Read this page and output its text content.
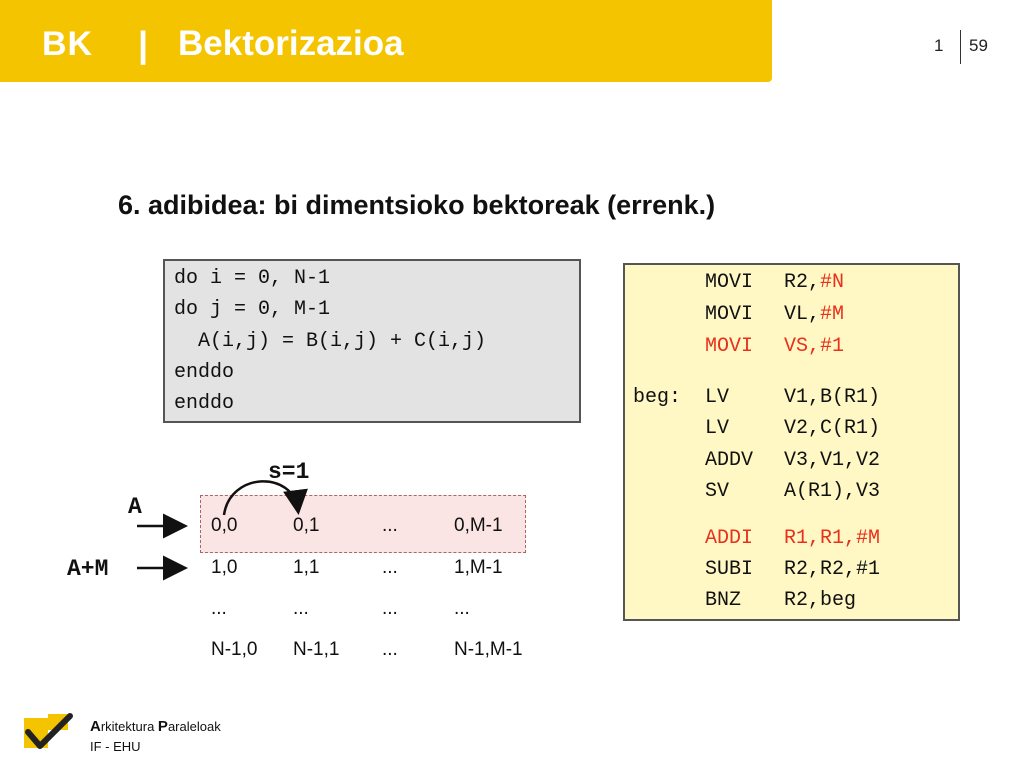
BK | Bektorizazioa	1 59
6. adibidea: bi dimentsioko bektoreak (errenk.)
do i = 0, N-1
do j = 0, M-1
A(i,j) = B(i,j) + C(i,j)
enddo
enddo
MOVI R2,#N
MOVI VL,#M
MOVI VS,#1
beg: LV	V1,B(R1)
LV	V2,C(R1)
ADDV V3,V1,V2
SV	A(R1),V3
ADDI R1,R1,#M
SUBI R2,R2,#1
BNZ R2,beg
s=1
A
A+M
0,0	0,1	...	0,M-1
1,0	1,1	...	1,M-1
...	...	...	...
N-1,0 N-1,1 ...	N-1,M-1
Arkitektura Paraleloak
IF - EHU
